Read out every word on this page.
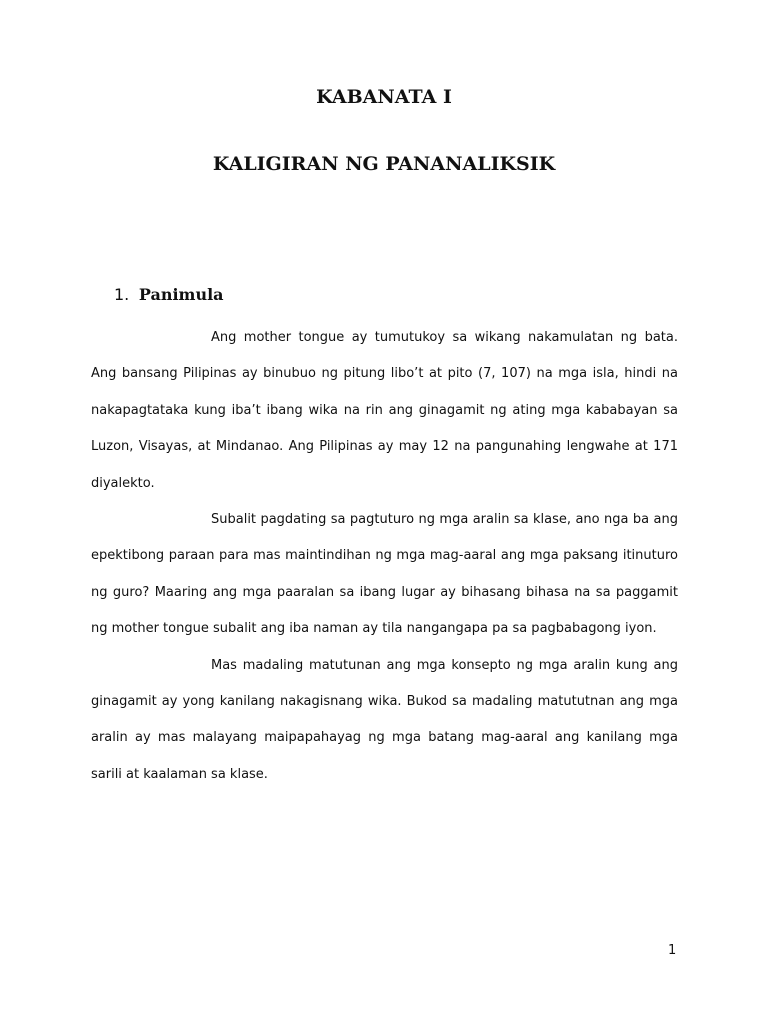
KABANATA I
KALIGIRAN NG PANANALIKSIK
1. Panimula

Ang mother tongue ay tumutukoy sa wikang nakamulatan ng bata. Ang bansang Pilipinas ay binubuo ng pitung libo’t at pito (7, 107) na mga isla, hindi na nakapagtataka kung iba’t ibang wika na rin ang ginagamit ng ating mga kababayan sa Luzon, Visayas, at Mindanao. Ang Pilipinas ay may 12 na pangunahing lengwahe at 171 diyalekto.

Subalit pagdating sa pagtuturo ng mga aralin sa klase, ano nga ba ang epektibong paraan para mas maintindihan ng mga mag-aaral ang mga paksang itinuturo ng guro? Maaring ang mga paaralan sa ibang lugar ay bihasang bihasa na sa paggamit ng mother tongue subalit ang iba naman ay tila nangangapa pa sa pagbabagong iyon.

Mas madaling matutunan ang mga konsepto ng mga aralin kung ang ginagamit ay yong kanilang nakagisnang wika. Bukod sa madaling matututnan ang mga aralin ay mas malayang maipapahayag ng mga batang mag-aaral ang kanilang mga sarili at kaalaman sa klase.

1
